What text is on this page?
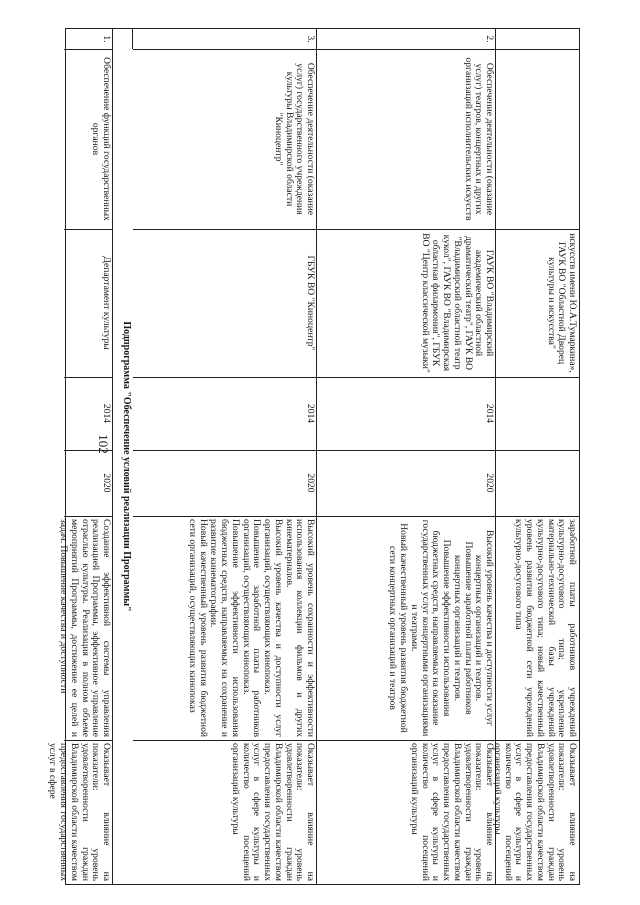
102
искусств имени Ю.А.Тумаркина», ГАУК ВО "Областной Дворец культуры и искусства"
заработной платы работников учреждений культурно-досугового типа; укрепление материально-технической базы учреждений культурно-досугового типа; новый качественный уровень развития бюджетной сети учреждений культурно-досугового типа
Оказывает влияние на показатели: уровень удовлетворенности граждан Владимирской области качеством предоставления государственных услуг в сфере культуры и количество посещений организаций культуры
2.
Обеспечение деятельности (оказание услуг) театров, концертных и других организаций исполнительских искусств
ГАУК ВО "Владимирский академический областной драматический театр", ГАУК ВО "Владимирский областной театр кукол", ГАУК ВО "Владимирская областная филармония", ГБУК ВО "Центр классической музыки"
2014
2020
Высокий уровень качества и доступности услуг концертных организаций и театров.
Повышение заработной платы работников концертных организаций и театров.
Повышение эффективности использования бюджетных средств, направляемых на оказание государственных услуг концертными организациями и театрами.
Новый качественный уровень развития бюджетной сети концертных организаций и театров
Оказывает влияние на показатели: уровень удовлетворенности граждан Владимирской области качеством предоставления государственных услуг в сфере культуры и количество посещений организаций культуры
3.
Обеспечение деятельности (оказание услуг) государственного учреждения культуры Владимирской области "Киноцентр"
ГБУК ВО "Киноцентр"
2014
2020
Высокий уровень сохранности и эффективности использования коллекции фильмов и других кинематериалов.
Высокий уровень качества и доступности услуг организаций, осуществляющих кинопоказ.
Повышение заработной платы работников организаций, осуществляющих кинопоказ.
Повышение эффективности использования бюджетных средств, направляемых на сохранение и развитие кинематографии.
Новый качественный уровень развития бюджетной сети организаций, осуществляющих кинопоказ
Оказывает влияние на показатели: уровень удовлетворенности граждан Владимирской области качеством предоставления государственных услуг в сфере культуры и количество посещений организаций культуры
Подпрограмма "Обеспечение условий реализации Программы"
1.
Обеспечение функций государственных органов
Департамент культуры
2014
2020
Создание эффективной системы управления реализацией Программы, эффективное управление отраслью культуры. Реализация в полном объеме мероприятий Программы, достижение ее целей и задач. Повышение качества и доступности
Оказывает влияние на показатели: уровень удовлетворенности граждан Владимирской области качеством предоставления государственных услуг в сфере
